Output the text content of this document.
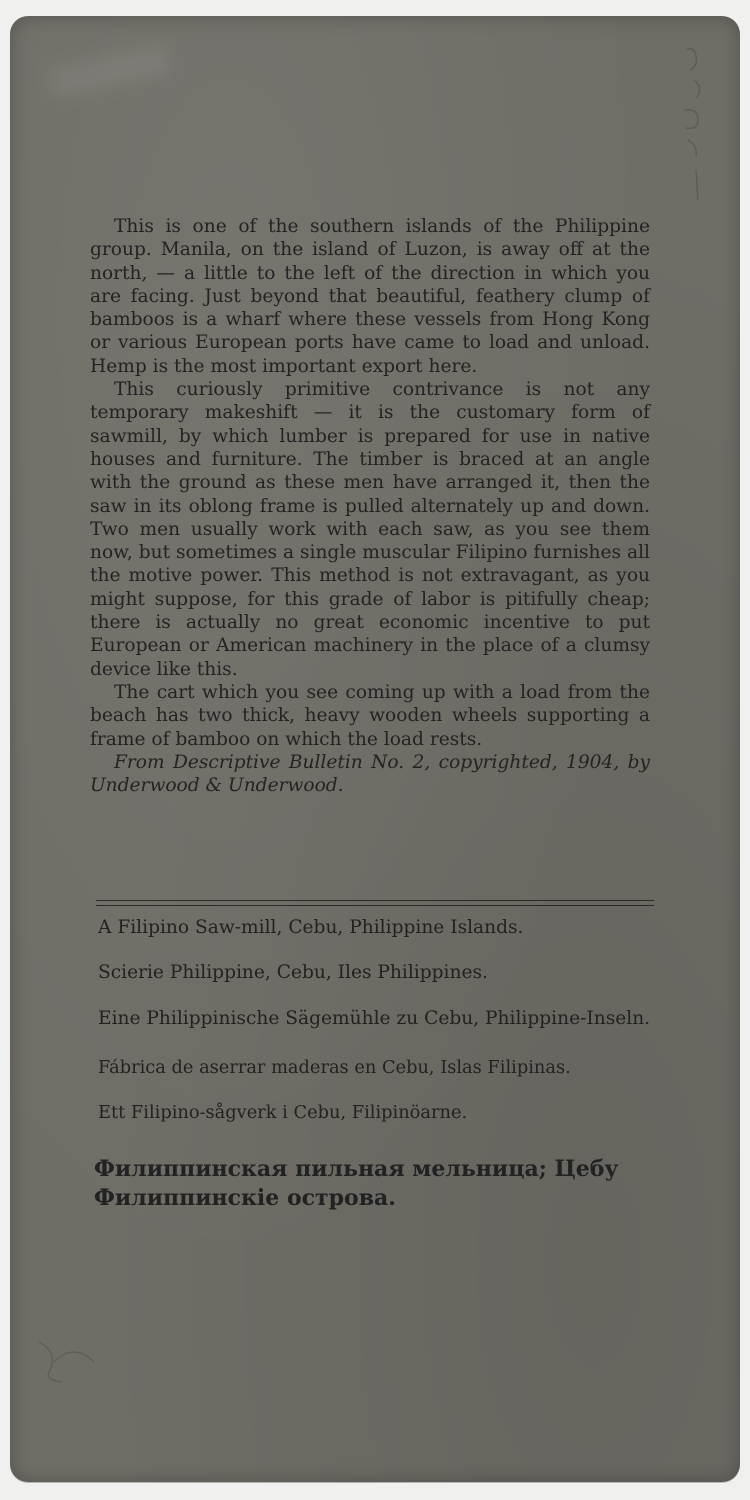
This is one of the southern islands of the Philippine group. Manila, on the island of Luzon, is away off at the north, — a little to the left of the direction in which you are facing. Just beyond that beautiful, feathery clump of bamboos is a wharf where these vessels from Hong Kong or various European ports have came to load and unload. Hemp is the most important export here.

This curiously primitive contrivance is not any temporary makeshift — it is the customary form of sawmill, by which lumber is prepared for use in native houses and furniture. The timber is braced at an angle with the ground as these men have arranged it, then the saw in its oblong frame is pulled alternately up and down. Two men usually work with each saw, as you see them now, but sometimes a single muscular Filipino furnishes all the motive power. This method is not extravagant, as you might suppose, for this grade of labor is pitifully cheap; there is actually no great economic incentive to put European or American machinery in the place of a clumsy device like this.

The cart which you see coming up with a load from the beach has two thick, heavy wooden wheels supporting a frame of bamboo on which the load rests.

From Descriptive Bulletin No. 2, copyrighted, 1904, by Underwood & Underwood.

A Filipino Saw-mill, Cebu, Philippine Islands.

Scierie Philippine, Cebu, Iles Philippines.

Eine Philippinische Sägemühle zu Cebu, Philippine-Inseln.

Fábrica de aserrar maderas en Cebu, Islas Filipinas.

Ett Filipino-sågverk i Cebu, Filipinöarne.

Филиппинская пильная мельница; Цебу Филиппинскіе острова.
